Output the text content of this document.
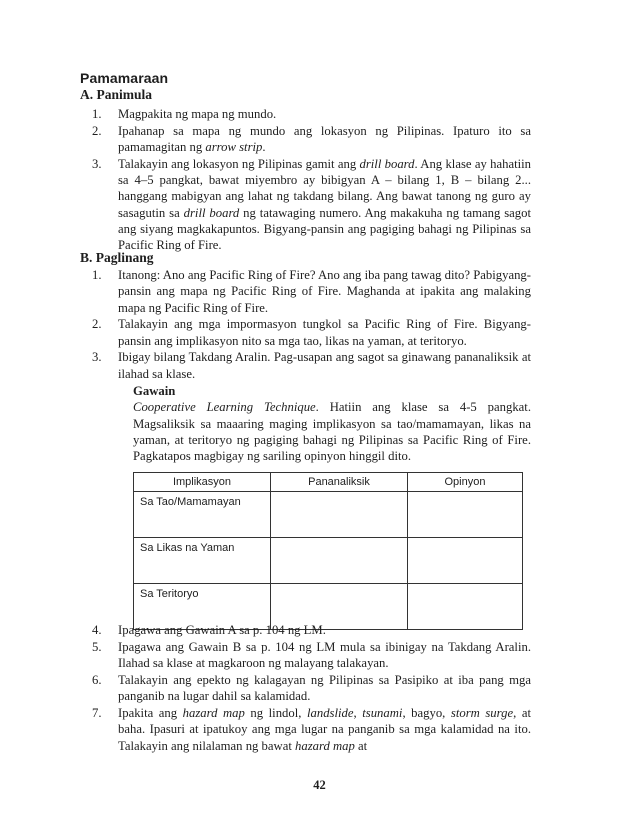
Pamamaraan
A. Panimula
1. Magpakita ng mapa ng mundo.
2. Ipahanap sa mapa ng mundo ang lokasyon ng Pilipinas. Ipaturo ito sa pamamagitan ng arrow strip.
3. Talakayin ang lokasyon ng Pilipinas gamit ang drill board. Ang klase ay hahatiin sa 4–5 pangkat, bawat miyembro ay bibigyan A – bilang 1, B – bilang 2... hanggang mabigyan ang lahat ng takdang bilang. Ang bawat tanong ng guro ay sasagutin sa drill board ng tatawaging numero. Ang makakuha ng tamang sagot ang siyang magkakapuntos. Bigyang-pansin ang pagiging bahagi ng Pilipinas sa Pacific Ring of Fire.
B. Paglinang
1. Itanong: Ano ang Pacific Ring of Fire? Ano ang iba pang tawag dito? Pabigyang-pansin ang mapa ng Pacific Ring of Fire. Maghanda at ipakita ang malaking mapa ng Pacific Ring of Fire.
2. Talakayin ang mga impormasyon tungkol sa Pacific Ring of Fire. Bigyang-pansin ang implikasyon nito sa mga tao, likas na yaman, at teritoryo.
3. Ibigay bilang Takdang Aralin. Pag-usapan ang sagot sa ginawang pananaliksik at ilahad sa klase.
Gawain
Cooperative Learning Technique. Hatiin ang klase sa 4-5 pangkat. Magsaliksik sa maaaring maging implikasyon sa tao/mamamayan, likas na yaman, at teritoryo ng pagiging bahagi ng Pilipinas sa Pacific Ring of Fire. Pagkatapos magbigay ng sariling opinyon hinggil dito.
Implikasyon	Pananaliksik	Opinyon
Sa Tao/Mamamayan		
Sa Likas na Yaman		
Sa Teritoryo		
4. Ipagawa ang Gawain A sa p. 104 ng LM.
5. Ipagawa ang Gawain B sa p. 104 ng LM mula sa ibinigay na Takdang Aralin. Ilahad sa klase at magkaroon ng malayang talakayan.
6. Talakayin ang epekto ng kalagayan ng Pilipinas sa Pasipiko at iba pang mga panganib na lugar dahil sa kalamidad.
7. Ipakita ang hazard map ng lindol, landslide, tsunami, bagyo, storm surge, at baha. Ipasuri at ipatukoy ang mga lugar na panganib sa mga kalamidad na ito. Talakayin ang nilalaman ng bawat hazard map at
42
